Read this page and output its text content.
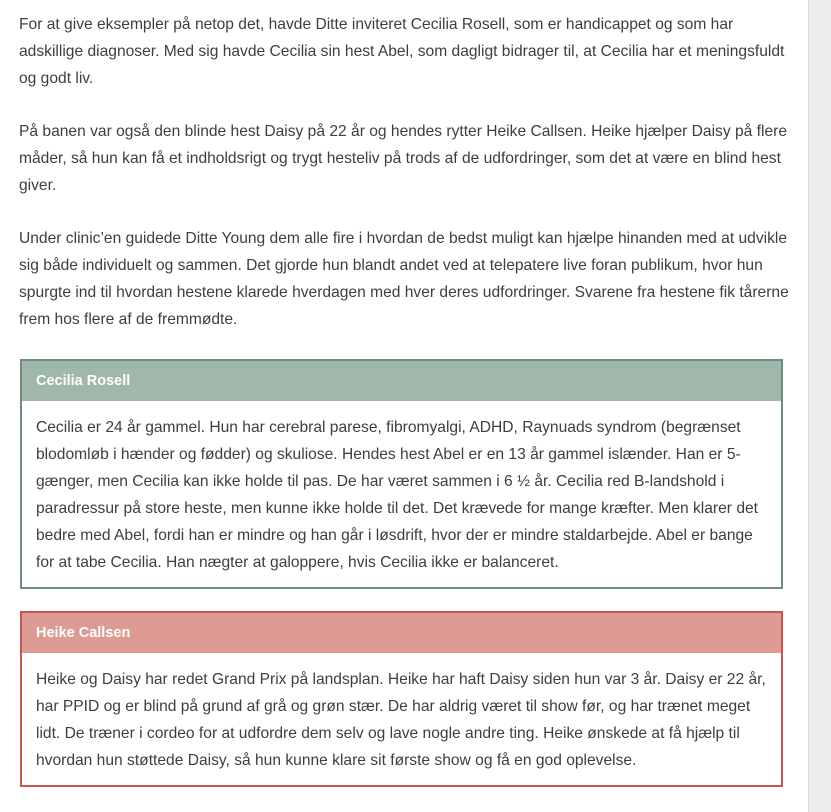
For at give eksempler på netop det, havde Ditte inviteret Cecilia Rosell, som er handicappet og som har adskillige diagnoser. Med sig havde Cecilia sin hest Abel, som dagligt bidrager til, at Cecilia har et meningsfuldt og godt liv.

På banen var også den blinde hest Daisy på 22 år og hendes rytter Heike Callsen. Heike hjælper Daisy på flere måder, så hun kan få et indholdsrigt og trygt hesteliv på trods af de udfordringer, som det at være en blind hest giver.

Under clinic’en guidede Ditte Young dem alle fire i hvordan de bedst muligt kan hjælpe hinanden med at udvikle sig både individuelt og sammen. Det gjorde hun blandt andet ved at telepatere live foran publikum, hvor hun spurgte ind til hvordan hestene klarede hverdagen med hver deres udfordringer. Svarene fra hestene fik tårerne frem hos flere af de fremmødte.

Cecilia Rosell
Cecilia er 24 år gammel. Hun har cerebral parese, fibromyalgi, ADHD, Raynuads syndrom (begrænset blodomløb i hænder og fødder) og skuliose. Hendes hest Abel er en 13 år gammel islænder. Han er 5-gænger, men Cecilia kan ikke holde til pas. De har været sammen i 6 ½ år. Cecilia red B-landshold i paradressur på store heste, men kunne ikke holde til det. Det krævede for mange kræfter. Men klarer det bedre med Abel, fordi han er mindre og han går i løsdrift, hvor der er mindre staldarbejde. Abel er bange for at tabe Cecilia. Han nægter at galoppere, hvis Cecilia ikke er balanceret.
Heike Callsen
Heike og Daisy har redet Grand Prix på landsplan. Heike har haft Daisy siden hun var 3 år. Daisy er 22 år, har PPID og er blind på grund af grå og grøn stær. De har aldrig været til show før, og har trænet meget lidt. De træner i cordeo for at udfordre dem selv og lave nogle andre ting. Heike ønskede at få hjælp til hvordan hun støttede Daisy, så hun kunne klare sit første show og få en god oplevelse.
